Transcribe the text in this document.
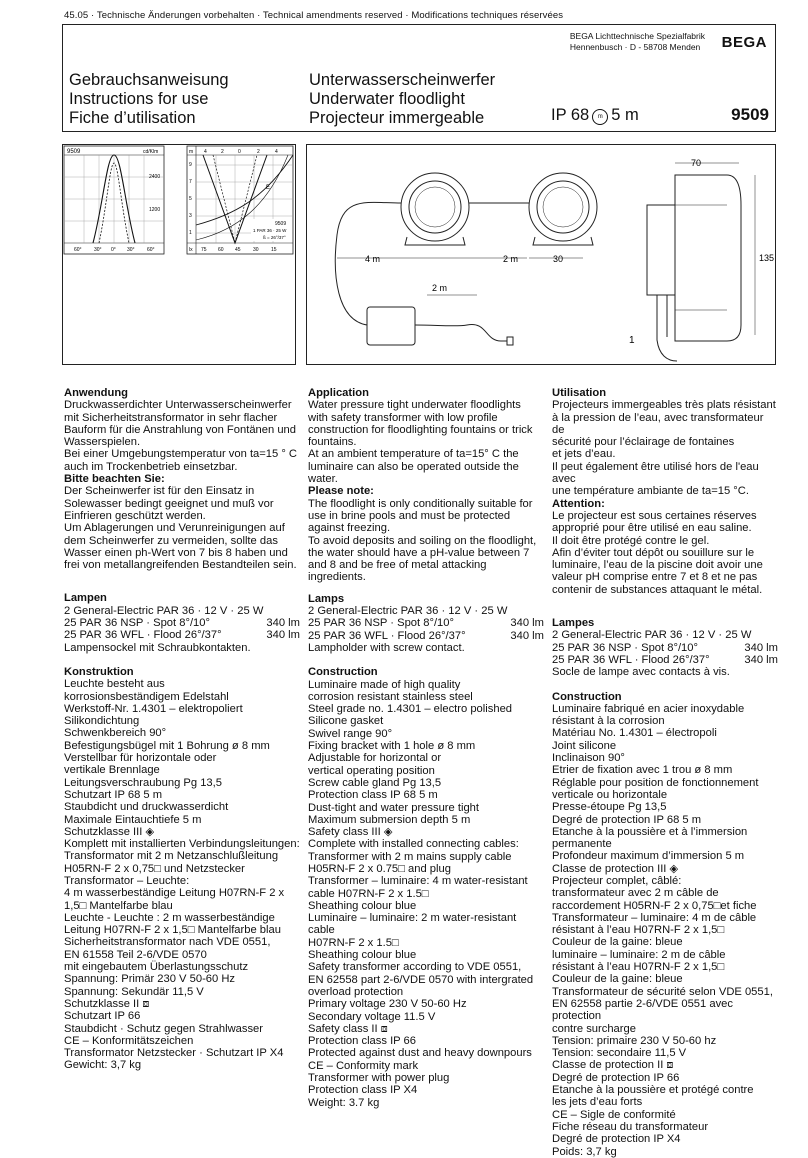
45.05 · Technische Änderungen vorbehalten · Technical amendments reserved · Modifications techniques réservées
BEGA Lichttechnische Spezialfabrik
Hennenbusch · D - 58708 Menden	BEGA
Gebrauchsanweisung
Instructions for use
Fiche d’utilisation
Unterwasserscheinwerfer
Underwater floodlight
Projecteur immergeable	IP 68 m 5 m	9509
9509	cd/Klm
2400
1200
60° 30° 0° 30° 60°
m 4	2	0	2	4
9
7
5
3
1
lx 75 60 45 30 15
E
9509
1 PAR 36 · 25 W
ß = 26°/37°
4 m	2 m	30
2 m
70
135
1

Anwendung

Druckwasserdichter Unterwasserscheinwerfer

mit Sicherheitstransformator in sehr flacher

Bauform für die Anstrahlung von Fontänen und

Wasserspielen.

Bei einer Umgebungstemperatur von ta=15 ° C

auch im Trockenbetrieb einsetzbar.

Bitte beachten Sie:

Der Scheinwerfer ist für den Einsatz in

Solewasser bedingt geeignet und muß vor

Einfrieren geschützt werden.

Um Ablagerungen und Verunreinigungen auf

dem Scheinwerfer zu vermeiden, sollte das

Wasser einen ph-Wert von 7 bis 8 haben und

frei von metallangreifenden Bestandteilen sein.

Lampen

2 General-Electric PAR 36 · 12 V · 25 W

25 PAR 36 NSP · Spot 8°/10°	340 lm
25 PAR 36 WFL · Flood 26°/37°	340 lm

Lampensockel mit Schraubkontakten.

Konstruktion

Leuchte besteht aus

korrosionsbeständigem Edelstahl

Werkstoff-Nr. 1.4301 – elektropoliert

Silikondichtung

Schwenkbereich 90°

Befestigungsbügel mit 1 Bohrung ø 8 mm

Verstellbar für horizontale oder

vertikale Brennlage

Leitungsverschraubung Pg 13,5

Schutzart IP 68 5 m

Staubdicht und druckwasserdicht

Maximale Eintauchtiefe 5 m

Schutzklasse III ◈

Komplett mit installierten Verbindungsleitungen:

Transformator mit 2 m Netzanschlußleitung

H05RN-F 2 x 0,75□ und Netzstecker

Transformator – Leuchte:

4 m wasserbeständige Leitung H07RN-F 2 x

1,5□ Mantelfarbe blau

Leuchte - Leuchte : 2 m wasserbeständige

Leitung H07RN-F 2 x 1,5□ Mantelfarbe blau

Sicherheitstransformator nach VDE 0551,

EN 61558 Teil 2-6/VDE 0570

mit eingebautem Überlastungsschutz

Spannung: Primär 230 V 50-60 Hz

Spannung: Sekundär 11,5 V

Schutzklasse II ⧈

Schutzart IP 66

Staubdicht · Schutz gegen Strahlwasser

CE – Konformitätszeichen

Transformator Netzstecker · Schutzart IP X4

Gewicht: 3,7 kg

Application

Water pressure tight underwater floodlights

with safety transformer with low profile

construction for floodlighting fountains or trick

fountains.

At an ambient temperature of ta=15° C the

luminaire can also be operated outside the

water.

Please note:

The floodlight is only conditionally suitable for

use in brine pools and must be protected

against freezing.

To avoid deposits and soiling on the floodlight,

the water should have a pH-value between 7

and 8 and be free of metal attacking

ingredients.

Lamps

2 General-Electric PAR 36 · 12 V · 25 W

25 PAR 36 NSP · Spot 8°/10°	340 lm
25 PAR 36 WFL · Flood 26°/37°	340 lm

Lampholder with screw contact.

Construction

Luminaire made of high quality

corrosion resistant stainless steel

Steel grade no. 1.4301 – electro polished

Silicone gasket

Swivel range 90°

Fixing bracket with 1 hole ø 8 mm

Adjustable for horizontal or

vertical operating position

Screw cable gland Pg 13,5

Protection class IP 68 5 m

Dust-tight and water pressure tight

Maximum submersion depth 5 m

Safety class III ◈

Complete with installed connecting cables:

Transformer with 2 m mains supply cable

H05RN-F 2 x 0.75□ and plug

Transformer – luminaire: 4 m water-resistant

cable H07RN-F 2 x 1.5□

Sheathing colour blue

Luminaire – luminaire: 2 m water-resistant cable

H07RN-F 2 x 1.5□

Sheathing colour blue

Safety transformer according to VDE 0551,

EN 62558 part 2-6/VDE 0570 with intergrated

overload protection

Primary voltage 230 V 50-60 Hz

Secondary voltage 11.5 V

Safety class II ⧈

Protection class IP 66

Protected against dust and heavy downpours

CE – Conformity mark

Transformer with power plug

Protection class IP X4

Weight: 3.7 kg

Utilisation

Projecteurs immergeables très plats résistant

à la pression de l’eau, avec transformateur de

sécurité pour l’éclairage de fontaines

et jets d’eau.

Il peut également être utilisé hors de l'eau avec

une température ambiante de ta=15 °C.

Attention:

Le projecteur est sous certaines réserves

approprié pour être utilisé en eau saline.

Il doit être protégé contre le gel.

Afin d’éviter tout dépôt ou souillure sur le

luminaire, l’eau de la piscine doit avoir une

valeur pH comprise entre 7 et 8 et ne pas

contenir de substances attaquant le métal.

Lampes

2 General-Electric PAR 36 · 12 V · 25 W

25 PAR 36 NSP · Spot 8°/10°	340 lm
25 PAR 36 WFL · Flood 26°/37°	340 lm

Socle de lampe avec contacts à vis.

Construction

Luminaire fabriqué en acier inoxydable

résistant à la corrosion

Matériau No. 1.4301 – électropoli

Joint silicone

Inclinaison 90°

Etrier de fixation avec 1 trou ø 8 mm

Réglable pour position de fonctionnement

verticale ou horizontale

Presse-étoupe Pg 13,5

Degré de protection IP 68 5 m

Etanche à la poussière et à l’immersion

permanente

Profondeur maximum d’immersion 5 m

Classe de protection III ◈

Projecteur complet, câblé:

transformateur avec 2 m câble de

raccordement H05RN-F 2 x 0,75□et fiche

Transformateur – luminaire: 4 m de câble

résistant à l’eau H07RN-F 2 x 1,5□

Couleur de la gaine: bleue

luminaire – luminaire: 2 m de câble

résistant à l’eau H07RN-F 2 x 1,5□

Couleur de la gaine: bleue

Transformateur de sécurité selon VDE 0551,

EN 62558 partie 2-6/VDE 0551 avec protection

contre surcharge

Tension: primaire 230 V 50-60 hz

Tension: secondaire 11,5 V

Classe de protection II ⧈

Degré de protection IP 66

Etanche à la poussière et protégé contre

les jets d’eau forts

CE – Sigle de conformité

Fiche réseau du transformateur

Degré de protection IP X4

Poids: 3,7 kg
